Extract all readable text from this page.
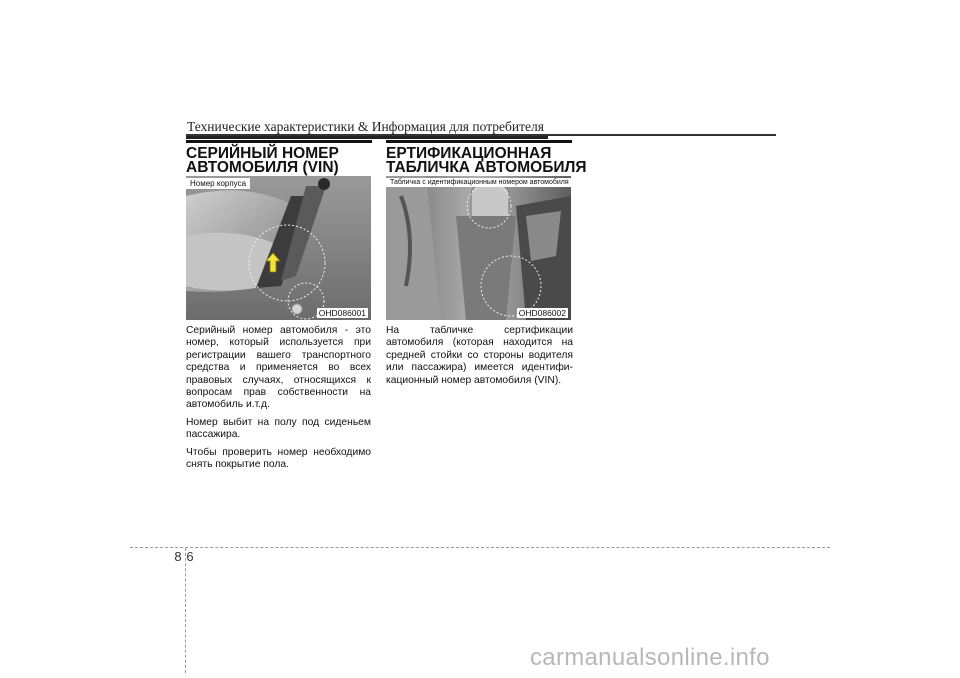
Технические характеристики & Информация для потребителя
СЕРИЙНЫЙ НОМЕР
АВТОМОБИЛЯ (VIN)
Номер корпуса
OHD086001

Серийный номер автомобиля - это номер, который используется при регистрации вашего транспортного средства и применяется во всех правовых случаях, относящихся к вопросам прав собственности на автомобиль и.т.д.

Номер выбит на полу под сиденьем пассажира.

Чтобы проверить номер необходимо снять покрытие пола.

ЕРТИФИКАЦИОННАЯ
ТАБЛИЧКА АВТОМОБИЛЯ
Табличка с идентификационным номером автомобиля
OHD086002

На табличке сертификации автомобиля (которая находится на средней стойки со стороны водителя или пассажира) имеется идентифи-кационный номер автомобиля (VIN).

8 6
carmanualsonline.info
